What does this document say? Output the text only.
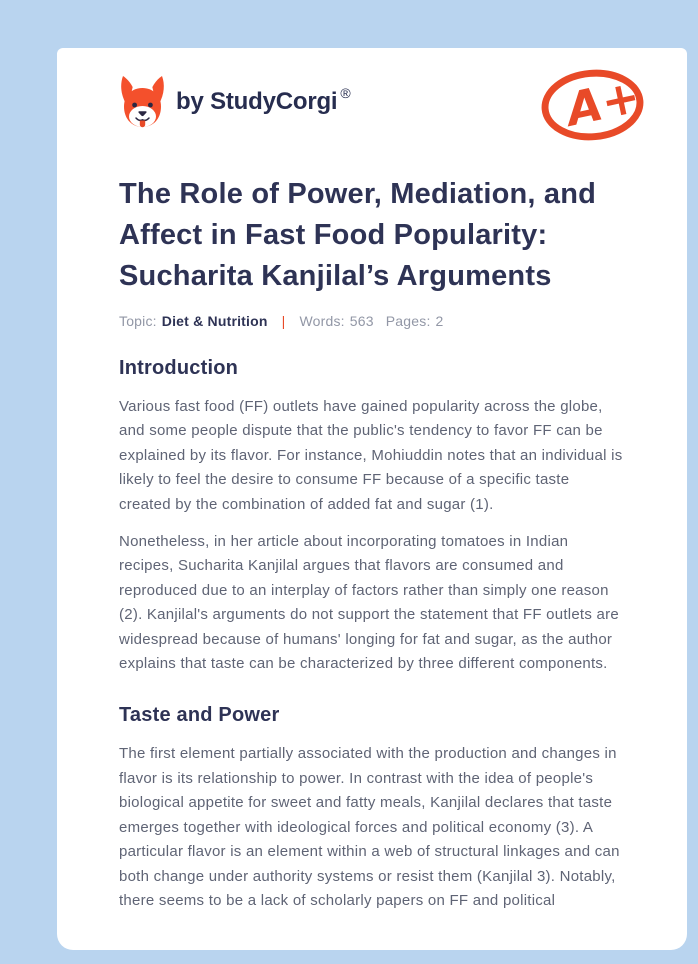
by StudyCorgi ®	A+
The Role of Power, Mediation, and
Affect in Fast Food Popularity:
Sucharita Kanjilal’s Arguments
Topic: Diet & Nutrition | Words: 563 Pages: 2
Introduction

Various fast food (FF) outlets have gained popularity across the globe, and some people dispute that the public's tendency to favor FF can be explained by its flavor. For instance, Mohiuddin notes that an individual is likely to feel the desire to consume FF because of a specific taste created by the combination of added fat and sugar (1).

Nonetheless, in her article about incorporating tomatoes in Indian recipes, Sucharita Kanjilal argues that flavors are consumed and reproduced due to an interplay of factors rather than simply one reason (2). Kanjilal's arguments do not support the statement that FF outlets are widespread because of humans' longing for fat and sugar, as the author explains that taste can be characterized by three different components.

Taste and Power

The first element partially associated with the production and changes in flavor is its relationship to power. In contrast with the idea of people's biological appetite for sweet and fatty meals, Kanjilal declares that taste emerges together with ideological forces and political economy (3). A particular flavor is an element within a web of structural linkages and can both change under authority systems or resist them (Kanjilal 3). Notably, there seems to be a lack of scholarly papers on FF and political
